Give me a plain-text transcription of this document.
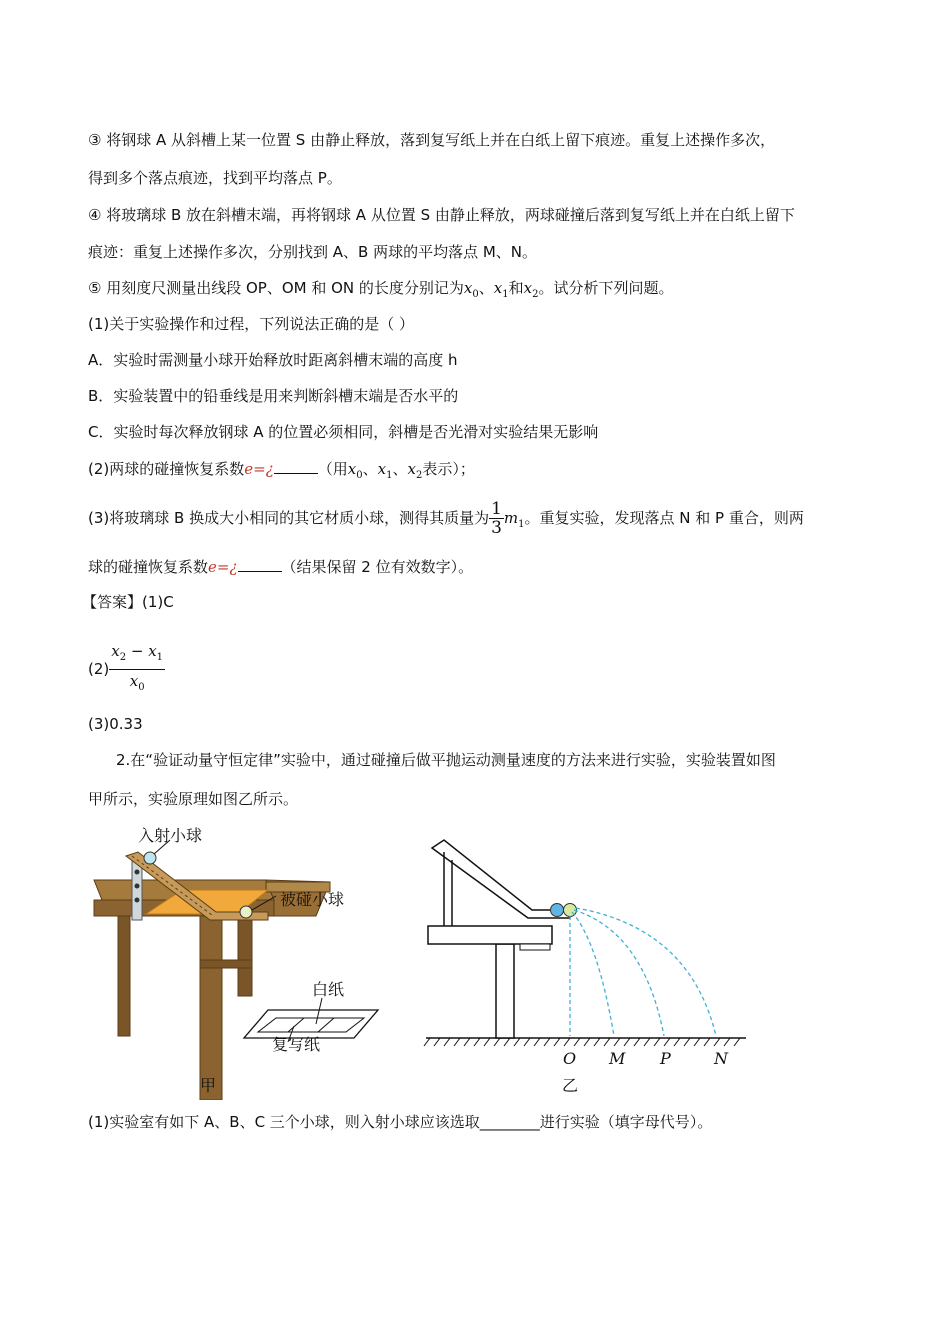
③ 将钢球 A 从斜槽上某一位置 S 由静止释放，落到复写纸上并在白纸上留下痕迹。重复上述操作多次，
得到多个落点痕迹，找到平均落点 P。
④ 将玻璃球 B 放在斜槽末端，再将钢球 A 从位置 S 由静止释放，两球碰撞后落到复写纸上并在白纸上留下
痕迹：重复上述操作多次，分别找到 A、B 两球的平均落点 M、N。
⑤ 用刻度尺测量出线段 OP、OM 和 ON 的长度分别记为$x_0$、$x_1$和$x_2$。试分析下列问题。
(1)关于实验操作和过程，下列说法正确的是（ ）
A．实验时需测量小球开始释放时距离斜槽末端的高度 h
B．实验装置中的铅垂线是用来判断斜槽末端是否水平的
C．实验时每次释放钢球 A 的位置必须相同，斜槽是否光滑对实验结果无影响
(2)两球的碰撞恢复系数e=¿	（用$x_0$、$x_1$、$x_2$表示）；
(3)将玻璃球 B 换成大小相同的其它材质小球，测得其质量为 $\frac{1}{3} m_1$。重复实验，发现落点 N 和 P 重合，则两
球的碰撞恢复系数e=¿	（结果保留 2 位有效数字）。
【答案】(1)C
$(2) \frac{x_2 - x_1}{x_0}$
(3)0.33
2.在“验证动量守恒定律”实验中，通过碰撞后做平抛运动测量速度的方法来进行实验，实验装置如图
甲所示，实验原理如图乙所示。
入射小球
被碰小球
白纸
复写纸
甲
O M P	N
乙
(1)实验室有如下 A、B、C 三个小球，则入射小球应该选取________进行实验（填字母代号）。
